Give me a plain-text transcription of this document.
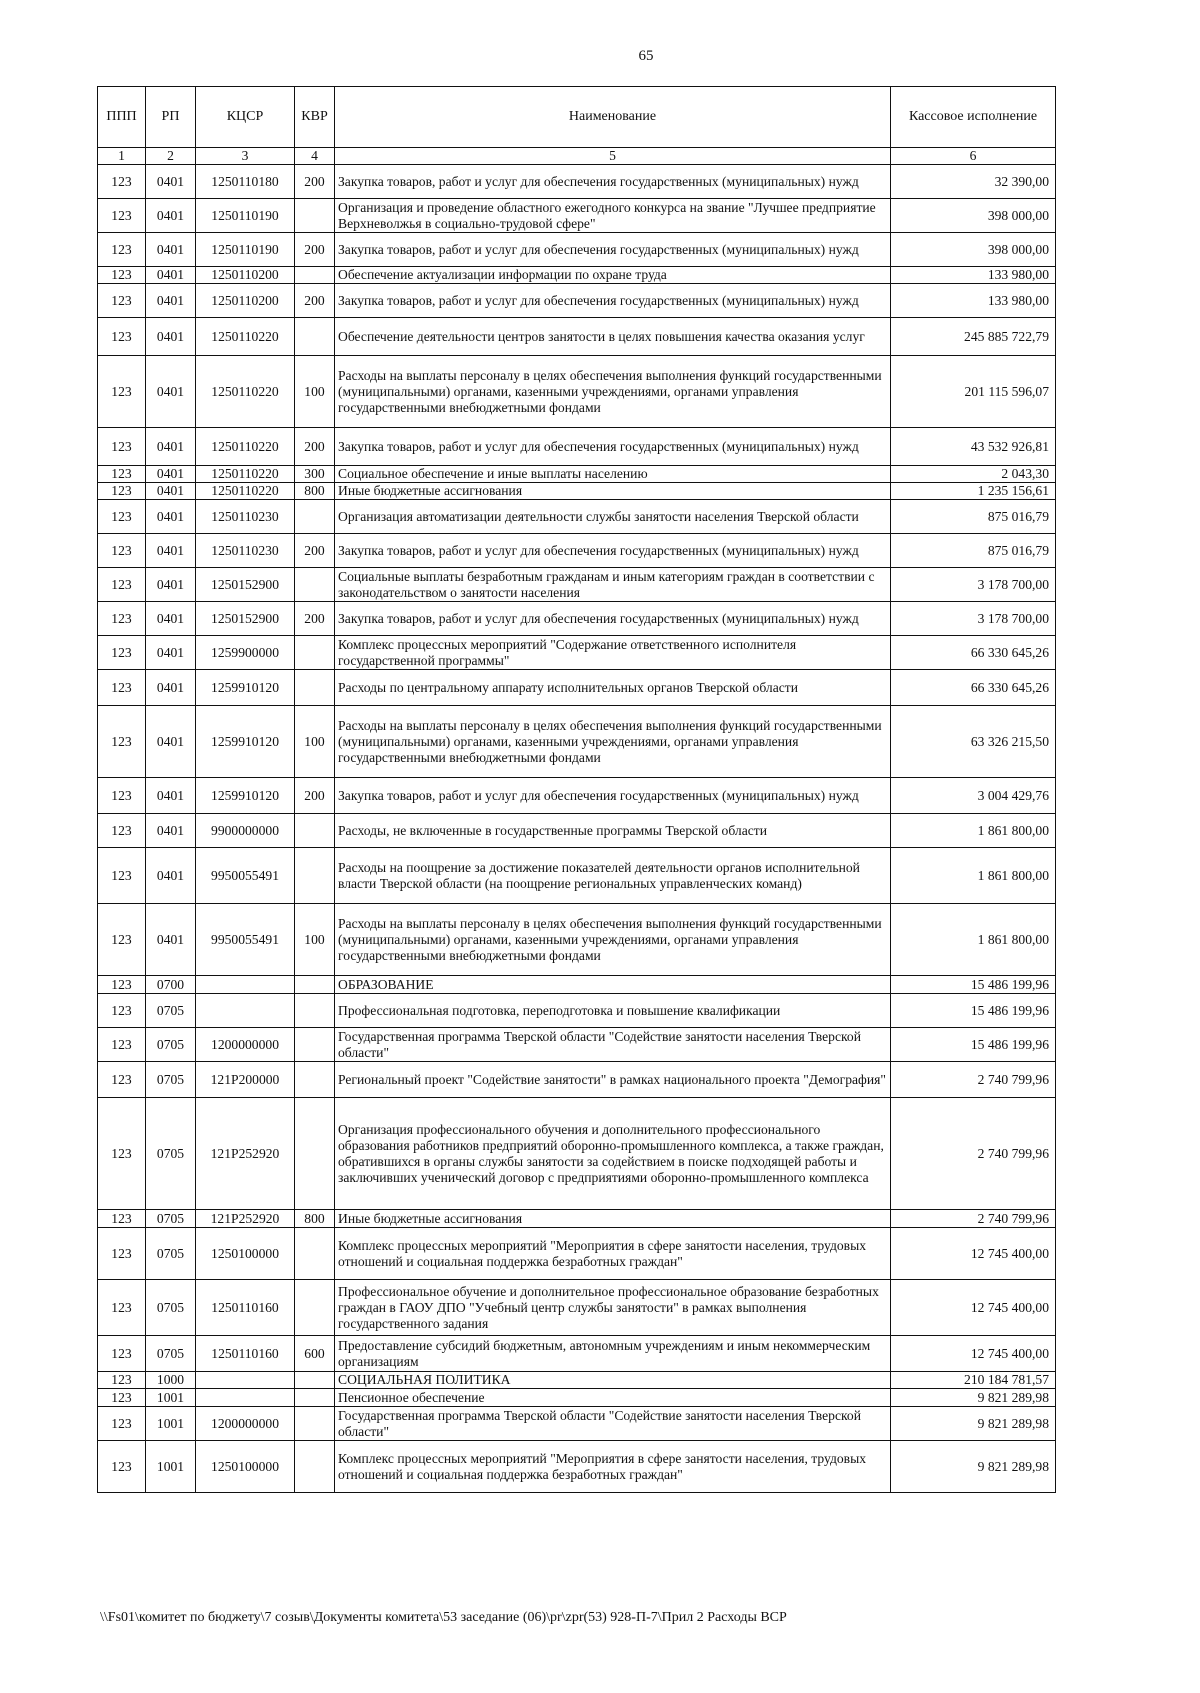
65
ППП	РП	КЦСР	КВР	Наименование	Кассовое исполнение
1	2	3	4	5	6
123	0401	1250110180	200	Закупка товаров, работ и услуг для обеспечения государственных (муниципальных) нужд	32 390,00
123	0401	1250110190		Организация и проведение областного ежегодного конкурса на звание "Лучшее предприятие Верхневолжья в социально-трудовой сфере"	398 000,00
123	0401	1250110190	200	Закупка товаров, работ и услуг для обеспечения государственных (муниципальных) нужд	398 000,00
123	0401	1250110200		Обеспечение актуализации информации по охране труда	133 980,00
123	0401	1250110200	200	Закупка товаров, работ и услуг для обеспечения государственных (муниципальных) нужд	133 980,00
123	0401	1250110220		Обеспечение деятельности центров занятости в целях повышения качества оказания услуг	245 885 722,79
123	0401	1250110220	100	Расходы на выплаты персоналу в целях обеспечения выполнения функций государственными (муниципальными) органами, казенными учреждениями, органами управления государственными внебюджетными фондами	201 115 596,07
123	0401	1250110220	200	Закупка товаров, работ и услуг для обеспечения государственных (муниципальных) нужд	43 532 926,81
123	0401	1250110220	300	Социальное обеспечение и иные выплаты населению	2 043,30
123	0401	1250110220	800	Иные бюджетные ассигнования	1 235 156,61
123	0401	1250110230		Организация автоматизации деятельности службы занятости населения Тверской области	875 016,79
123	0401	1250110230	200	Закупка товаров, работ и услуг для обеспечения государственных (муниципальных) нужд	875 016,79
123	0401	1250152900		Социальные выплаты безработным гражданам и иным категориям граждан в соответствии с законодательством о занятости населения	3 178 700,00
123	0401	1250152900	200	Закупка товаров, работ и услуг для обеспечения государственных (муниципальных) нужд	3 178 700,00
123	0401	1259900000		Комплекс процессных мероприятий "Содержание ответственного исполнителя государственной программы"	66 330 645,26
123	0401	1259910120		Расходы по центральному аппарату исполнительных органов Тверской области	66 330 645,26
123	0401	1259910120	100	Расходы на выплаты персоналу в целях обеспечения выполнения функций государственными (муниципальными) органами, казенными учреждениями, органами управления государственными внебюджетными фондами	63 326 215,50
123	0401	1259910120	200	Закупка товаров, работ и услуг для обеспечения государственных (муниципальных) нужд	3 004 429,76
123	0401	9900000000		Расходы, не включенные в государственные программы Тверской области	1 861 800,00
123	0401	9950055491		Расходы на поощрение за достижение показателей деятельности органов исполнительной власти Тверской области (на поощрение региональных управленческих команд)	1 861 800,00
123	0401	9950055491	100	Расходы на выплаты персоналу в целях обеспечения выполнения функций государственными (муниципальными) органами, казенными учреждениями, органами управления государственными внебюджетными фондами	1 861 800,00
123	0700			ОБРАЗОВАНИЕ	15 486 199,96
123	0705			Профессиональная подготовка, переподготовка и повышение квалификации	15 486 199,96
123	0705	1200000000		Государственная программа Тверской области "Содействие занятости населения Тверской области"	15 486 199,96
123	0705	121P200000		Региональный проект "Содействие занятости" в рамках национального проекта "Демография"	2 740 799,96
123	0705	121P252920		Организация профессионального обучения и дополнительного профессионального образования работников предприятий оборонно-промышленного комплекса, а также граждан, обратившихся в органы службы занятости за содействием в поиске подходящей работы и заключивших ученический договор с предприятиями оборонно-промышленного комплекса	2 740 799,96
123	0705	121P252920	800	Иные бюджетные ассигнования	2 740 799,96
123	0705	1250100000		Комплекс процессных мероприятий "Мероприятия в сфере занятости населения, трудовых отношений и социальная поддержка безработных граждан"	12 745 400,00
123	0705	1250110160		Профессиональное обучение и дополнительное профессиональное образование безработных граждан в ГАОУ ДПО "Учебный центр службы занятости" в рамках выполнения государственного задания	12 745 400,00
123	0705	1250110160	600	Предоставление субсидий бюджетным, автономным учреждениям и иным некоммерческим организациям	12 745 400,00
123	1000			СОЦИАЛЬНАЯ ПОЛИТИКА	210 184 781,57
123	1001			Пенсионное обеспечение	9 821 289,98
123	1001	1200000000		Государственная программа Тверской области "Содействие занятости населения Тверской области"	9 821 289,98
123	1001	1250100000		Комплекс процессных мероприятий "Мероприятия в сфере занятости населения, трудовых отношений и социальная поддержка безработных граждан"	9 821 289,98
\\Fs01\комитет по бюджету\7 созыв\Документы комитета\53 заседание (06)\pr\zpr(53) 928-П-7\Прил 2 Расходы ВСР
